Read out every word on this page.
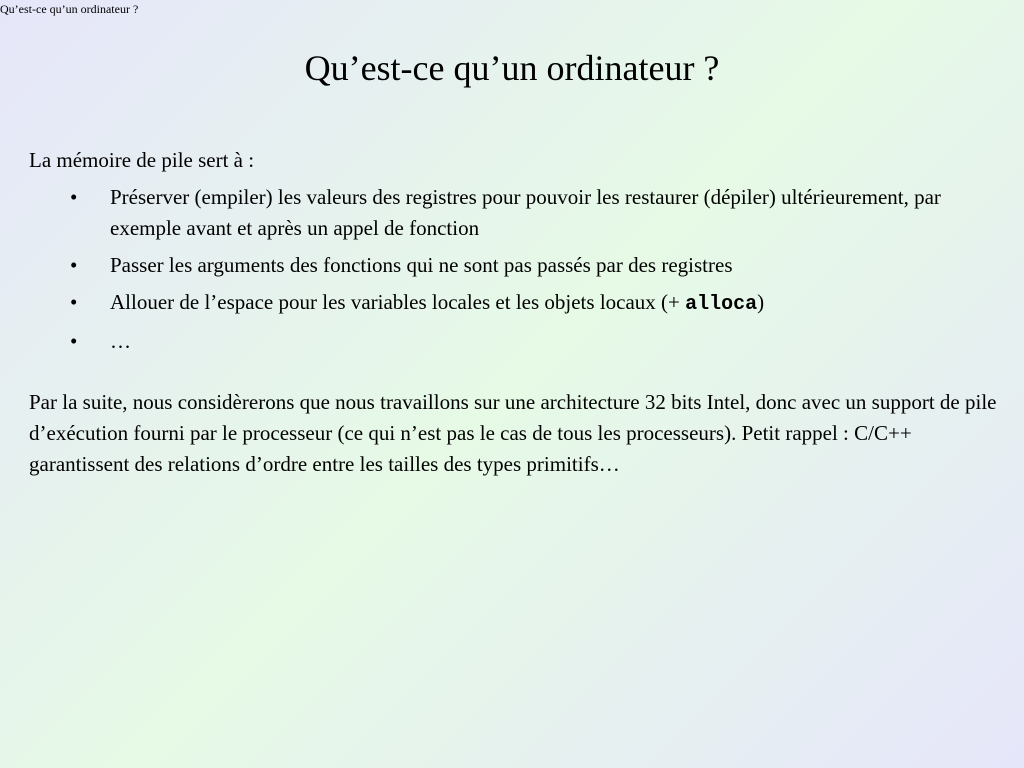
Qu’est-ce qu’un ordinateur ?
Qu’est-ce qu’un ordinateur ?

La mémoire de pile sert à :

• Préserver (empiler) les valeurs des registres pour pouvoir les restaurer (dépiler) ultérieurement, par exemple avant et après un appel de fonction
• Passer les arguments des fonctions qui ne sont pas passés par des registres
• Allouer de l’espace pour les variables locales et les objets locaux (+ alloca)
• …

Par la suite, nous considèrerons que nous travaillons sur une architecture 32 bits Intel, donc avec un support de pile d’exécution fourni par le processeur (ce qui n’est pas le cas de tous les processeurs). Petit rappel : C/C++ garantissent des relations d’ordre entre les tailles des types primitifs…
